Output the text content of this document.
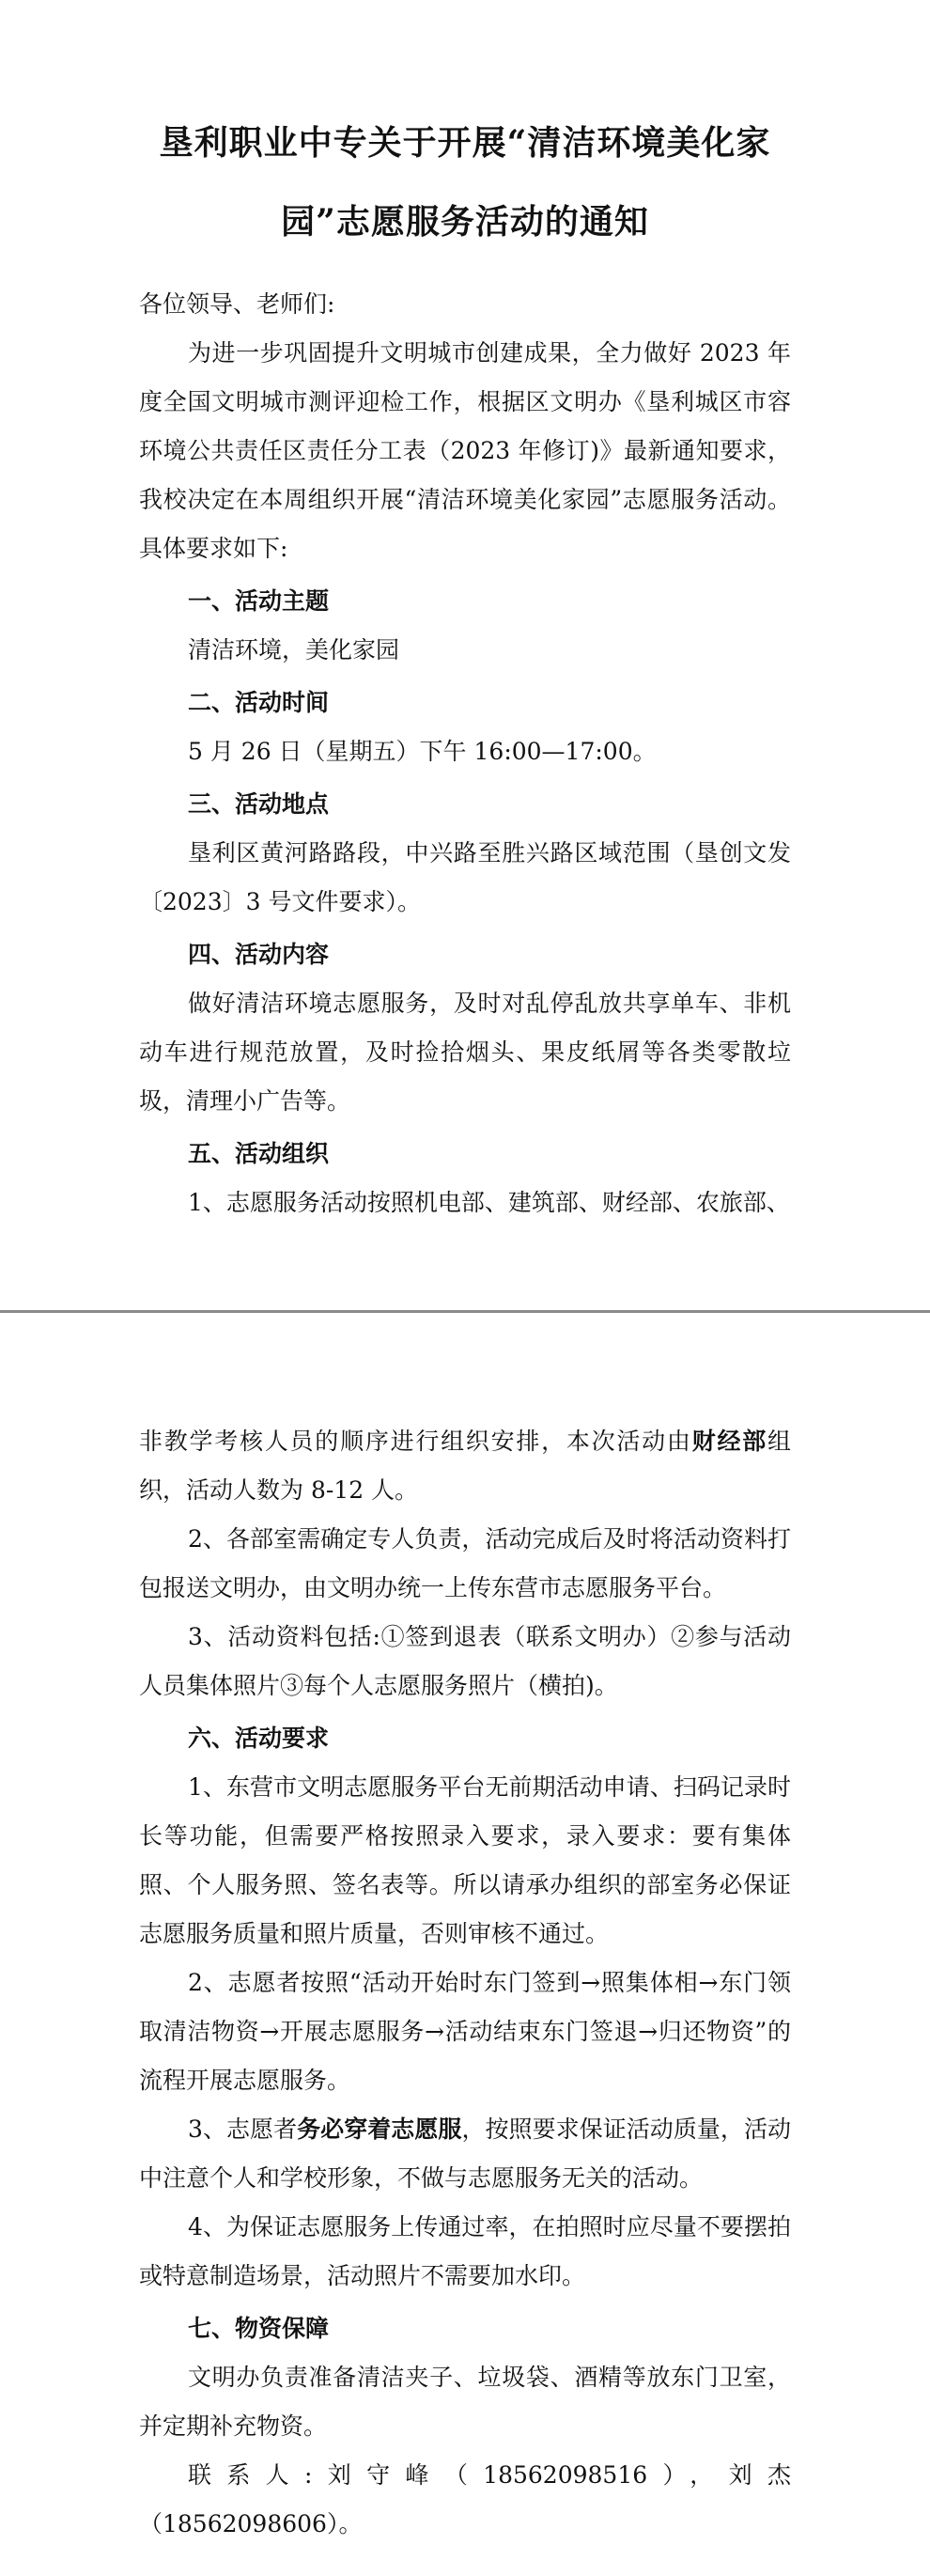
垦利职业中专关于开展“清洁环境美化家

园”志愿服务活动的通知

各位领导、老师们:

为进一步巩固提升文明城市创建成果，全力做好 2023 年度全国文明城市测评迎检工作，根据区文明办《垦利城区市容环境公共责任区责任分工表（2023 年修订)》最新通知要求，我校决定在本周组织开展“清洁环境美化家园”志愿服务活动。具体要求如下:

一、活动主题

清洁环境，美化家园

二、活动时间

5 月 26 日（星期五）下午 16:00—17:00。

三、活动地点

垦利区黄河路路段，中兴路至胜兴路区域范围（垦创文发〔2023〕3 号文件要求）。

四、活动内容

做好清洁环境志愿服务，及时对乱停乱放共享单车、非机动车进行规范放置，及时捡拾烟头、果皮纸屑等各类零散垃圾，清理小广告等。

五、活动组织

1、志愿服务活动按照机电部、建筑部、财经部、农旅部、

非教学考核人员的顺序进行组织安排，本次活动由财经部组织，活动人数为 8-12 人。

2、各部室需确定专人负责，活动完成后及时将活动资料打包报送文明办，由文明办统一上传东营市志愿服务平台。

3、活动资料包括:①签到退表（联系文明办）②参与活动人员集体照片③每个人志愿服务照片（横拍)。

六、活动要求

1、东营市文明志愿服务平台无前期活动申请、扫码记录时长等功能，但需要严格按照录入要求，录入要求：要有集体照、个人服务照、签名表等。所以请承办组织的部室务必保证志愿服务质量和照片质量，否则审核不通过。

2、志愿者按照“活动开始时东门签到→照集体相→东门领取清洁物资→开展志愿服务→活动结束东门签退→归还物资”的流程开展志愿服务。

3、志愿者务必穿着志愿服，按照要求保证活动质量，活动中注意个人和学校形象，不做与志愿服务无关的活动。

4、为保证志愿服务上传通过率，在拍照时应尽量不要摆拍或特意制造场景，活动照片不需要加水印。

七、物资保障

文明办负责准备清洁夹子、垃圾袋、酒精等放东门卫室，并定期补充物资。

联系人:刘守峰（18562098516），刘杰（18562098606）。
